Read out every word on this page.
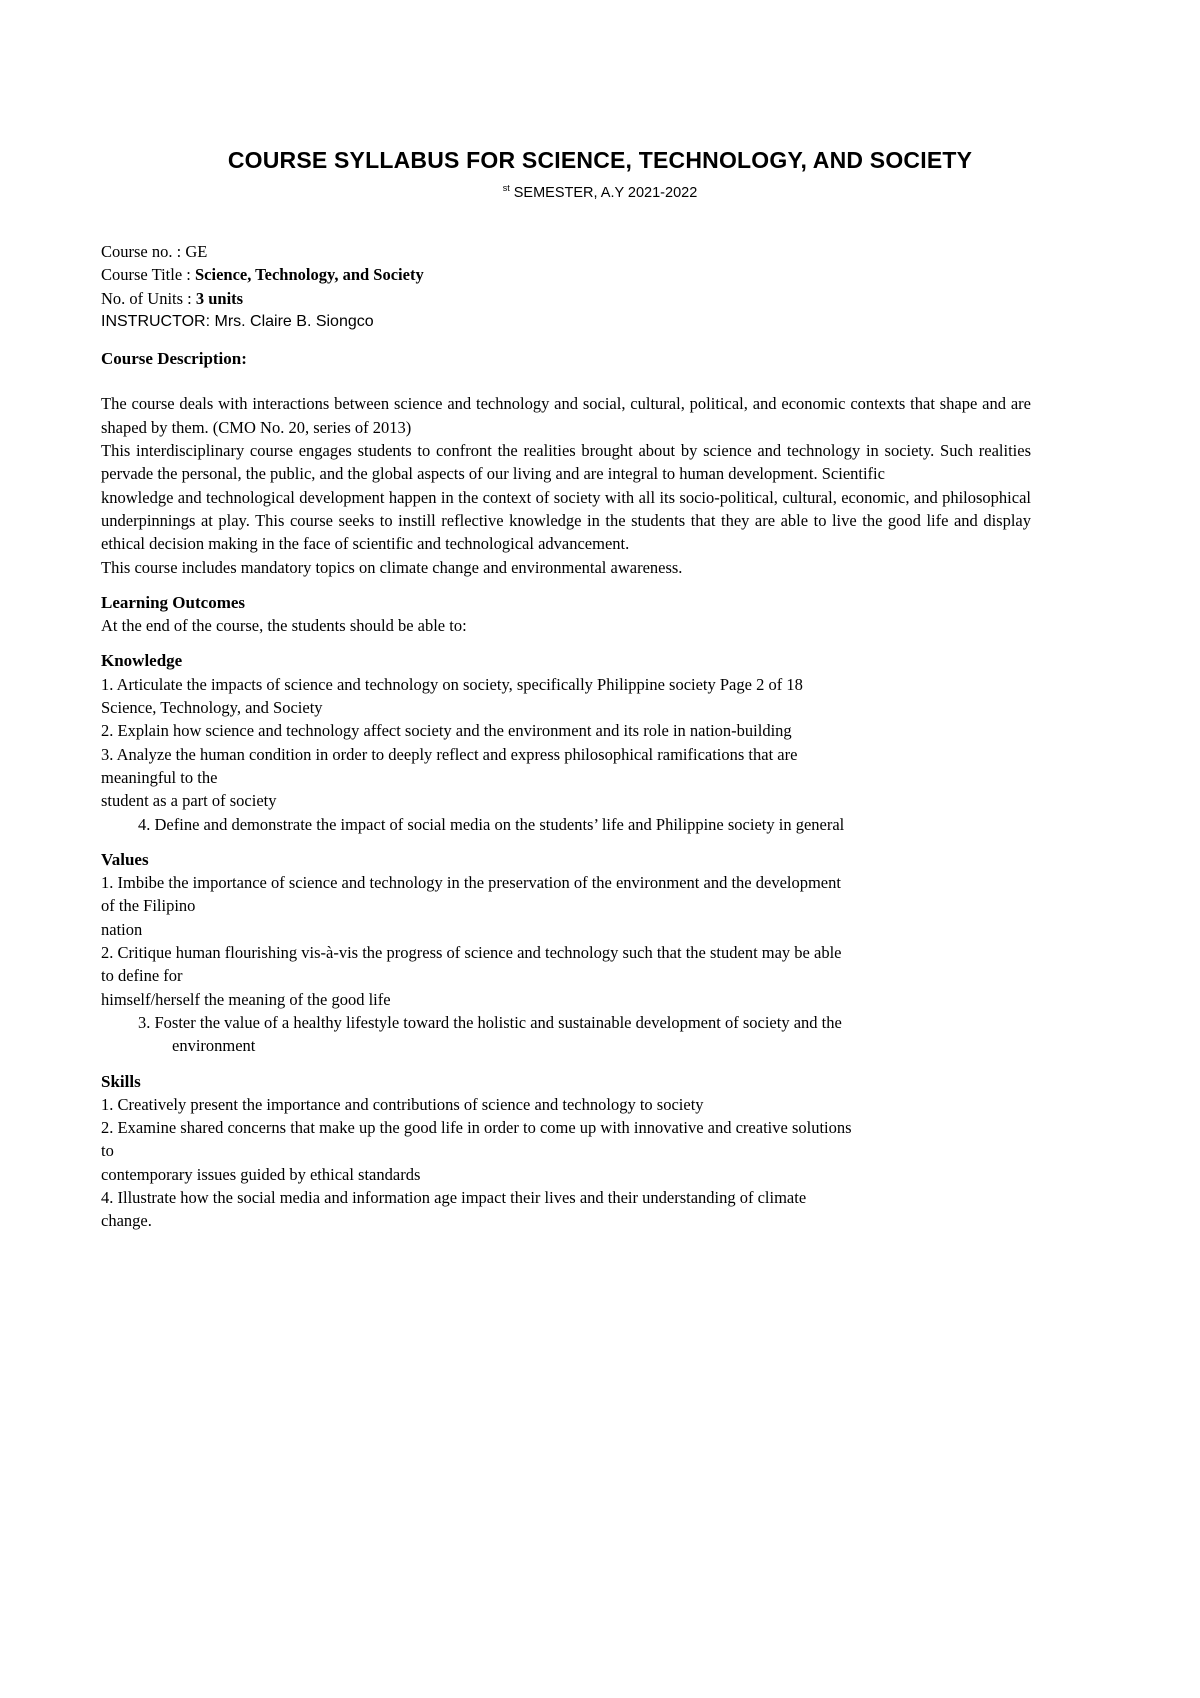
COURSE SYLLABUS FOR SCIENCE, TECHNOLOGY, AND SOCIETY
$^{st}$ SEMESTER, A.Y 2021-2022
Course no. : GE
Course Title : Science, Technology, and Society
No. of Units : 3 units
INSTRUCTOR: Mrs. Claire B. Siongco
Course Description:
The course deals with interactions between science and technology and social, cultural, political, and economic contexts that shape and are shaped by them. (CMO No. 20, series of 2013)
This interdisciplinary course engages students to confront the realities brought about by science and technology in society. Such realities pervade the personal, the public, and the global aspects of our living and are integral to human development. Scientific
knowledge and technological development happen in the context of society with all its socio-political, cultural, economic, and philosophical underpinnings at play. This course seeks to instill reflective knowledge in the students that they are able to live the good life and display ethical decision making in the face of scientific and technological advancement.
This course includes mandatory topics on climate change and environmental awareness.
Learning Outcomes
At the end of the course, the students should be able to:
Knowledge
1. Articulate the impacts of science and technology on society, specifically Philippine society Page 2 of 18
Science, Technology, and Society
2. Explain how science and technology affect society and the environment and its role in nation-building
3. Analyze the human condition in order to deeply reflect and express philosophical ramifications that are
meaningful to the
student as a part of society
4. Define and demonstrate the impact of social media on the students’ life and Philippine society in general
Values
1. Imbibe the importance of science and technology in the preservation of the environment and the development
of the Filipino
nation
2. Critique human flourishing vis-à-vis the progress of science and technology such that the student may be able
to define for
himself/herself the meaning of the good life
3. Foster the value of a healthy lifestyle toward the holistic and sustainable development of society and the
environment
Skills
1. Creatively present the importance and contributions of science and technology to society
2. Examine shared concerns that make up the good life in order to come up with innovative and creative solutions
to
contemporary issues guided by ethical standards
4. Illustrate how the social media and information age impact their lives and their understanding of climate
change.
